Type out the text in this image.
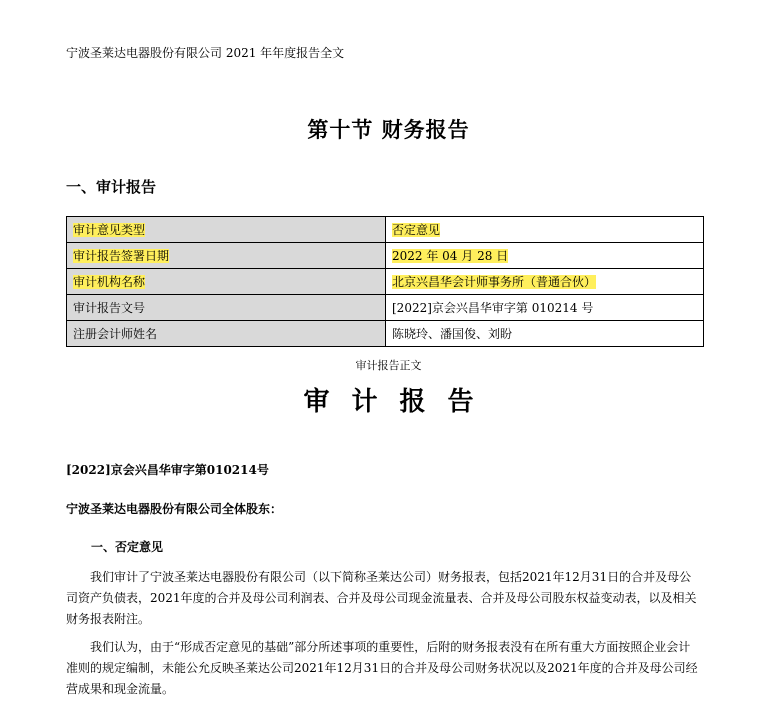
宁波圣莱达电器股份有限公司 2021 年年度报告全文
第十节 财务报告
一、审计报告
审计意见类型	否定意见
审计报告签署日期	2022 年 04 月 28 日
审计机构名称	北京兴昌华会计师事务所（普通合伙）
审计报告文号	[2022]京会兴昌华审字第 010214 号
注册会计师姓名	陈晓玲、潘国俊、刘盼
审计报告正文
审计报告
[2022]京会兴昌华审字第010214号
宁波圣莱达电器股份有限公司全体股东：
一、否定意见
我们审计了宁波圣莱达电器股份有限公司（以下简称圣莱达公司）财务报表，包括2021年12月31日的合并及母公司资产负债表，2021年度的合并及母公司利润表、合并及母公司现金流量表、合并及母公司股东权益变动表，以及相关财务报表附注。
我们认为，由于“形成否定意见的基础”部分所述事项的重要性，后附的财务报表没有在所有重大方面按照企业会计准则的规定编制，未能公允反映圣莱达公司2021年12月31日的合并及母公司财务状况以及2021年度的合并及母公司经营成果和现金流量。
